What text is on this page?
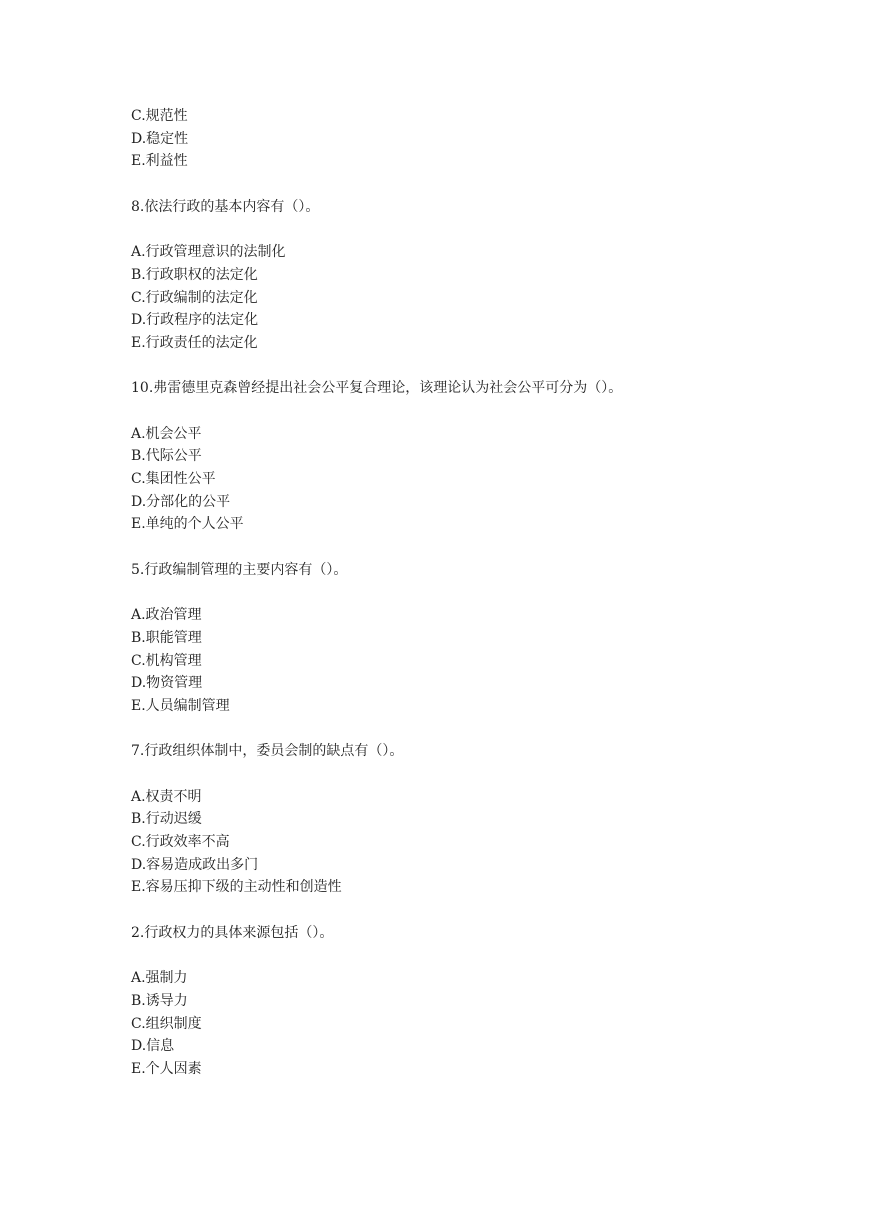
C.规范性
D.稳定性
E.利益性
8.依法行政的基本内容有（）。
A.行政管理意识的法制化
B.行政职权的法定化
C.行政编制的法定化
D.行政程序的法定化
E.行政责任的法定化
10.弗雷德里克森曾经提出社会公平复合理论，该理论认为社会公平可分为（）。
A.机会公平
B.代际公平
C.集团性公平
D.分部化的公平
E.单纯的个人公平
5.行政编制管理的主要内容有（）。
A.政治管理
B.职能管理
C.机构管理
D.物资管理
E.人员编制管理
7.行政组织体制中，委员会制的缺点有（）。
A.权责不明
B.行动迟缓
C.行政效率不高
D.容易造成政出多门
E.容易压抑下级的主动性和创造性
2.行政权力的具体来源包括（）。
A.强制力
B.诱导力
C.组织制度
D.信息
E.个人因素
